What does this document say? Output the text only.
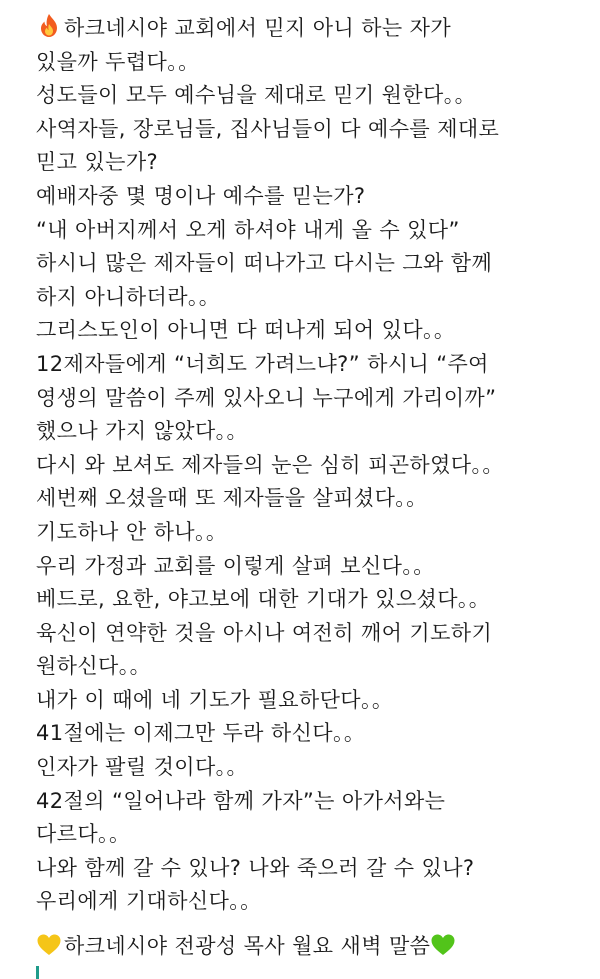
하크네시야 교회에서 믿지 아니 하는 자가
있을까 두렵다。。
성도들이 모두 예수님을 제대로 믿기 원한다。。
사역자들, 장로님들, 집사님들이 다 예수를 제대로
믿고 있는가?
예배자중 몇 명이나 예수를 믿는가?
“내 아버지께서 오게 하셔야 내게 올 수 있다”
하시니 많은 제자들이 떠나가고 다시는 그와 함께
하지 아니하더라。。
그리스도인이 아니면 다 떠나게 되어 있다。。
12제자들에게 “너희도 가려느냐?” 하시니 “주여
영생의 말씀이 주께 있사오니 누구에게 가리이까”
했으나 가지 않았다。。
다시 와 보셔도 제자들의 눈은 심히 피곤하였다。。
세번째 오셨을때 또 제자들을 살피셨다。。
기도하나 안 하나。。
우리 가정과 교회를 이렇게 살펴 보신다。。
베드로, 요한, 야고보에 대한 기대가 있으셨다。。
육신이 연약한 것을 아시나 여전히 깨어 기도하기
원하신다。。
내가 이 때에 네 기도가 필요하단다。。
41절에는 이제그만 두라 하신다。。
인자가 팔릴 것이다。。
42절의 “일어나라 함께 가자”는 아가서와는
다르다。。
나와 함께 갈 수 있나? 나와 죽으러 갈 수 있나?
우리에게 기대하신다。。
하크네시야 전광성 목사 월요 새벽 말씀
